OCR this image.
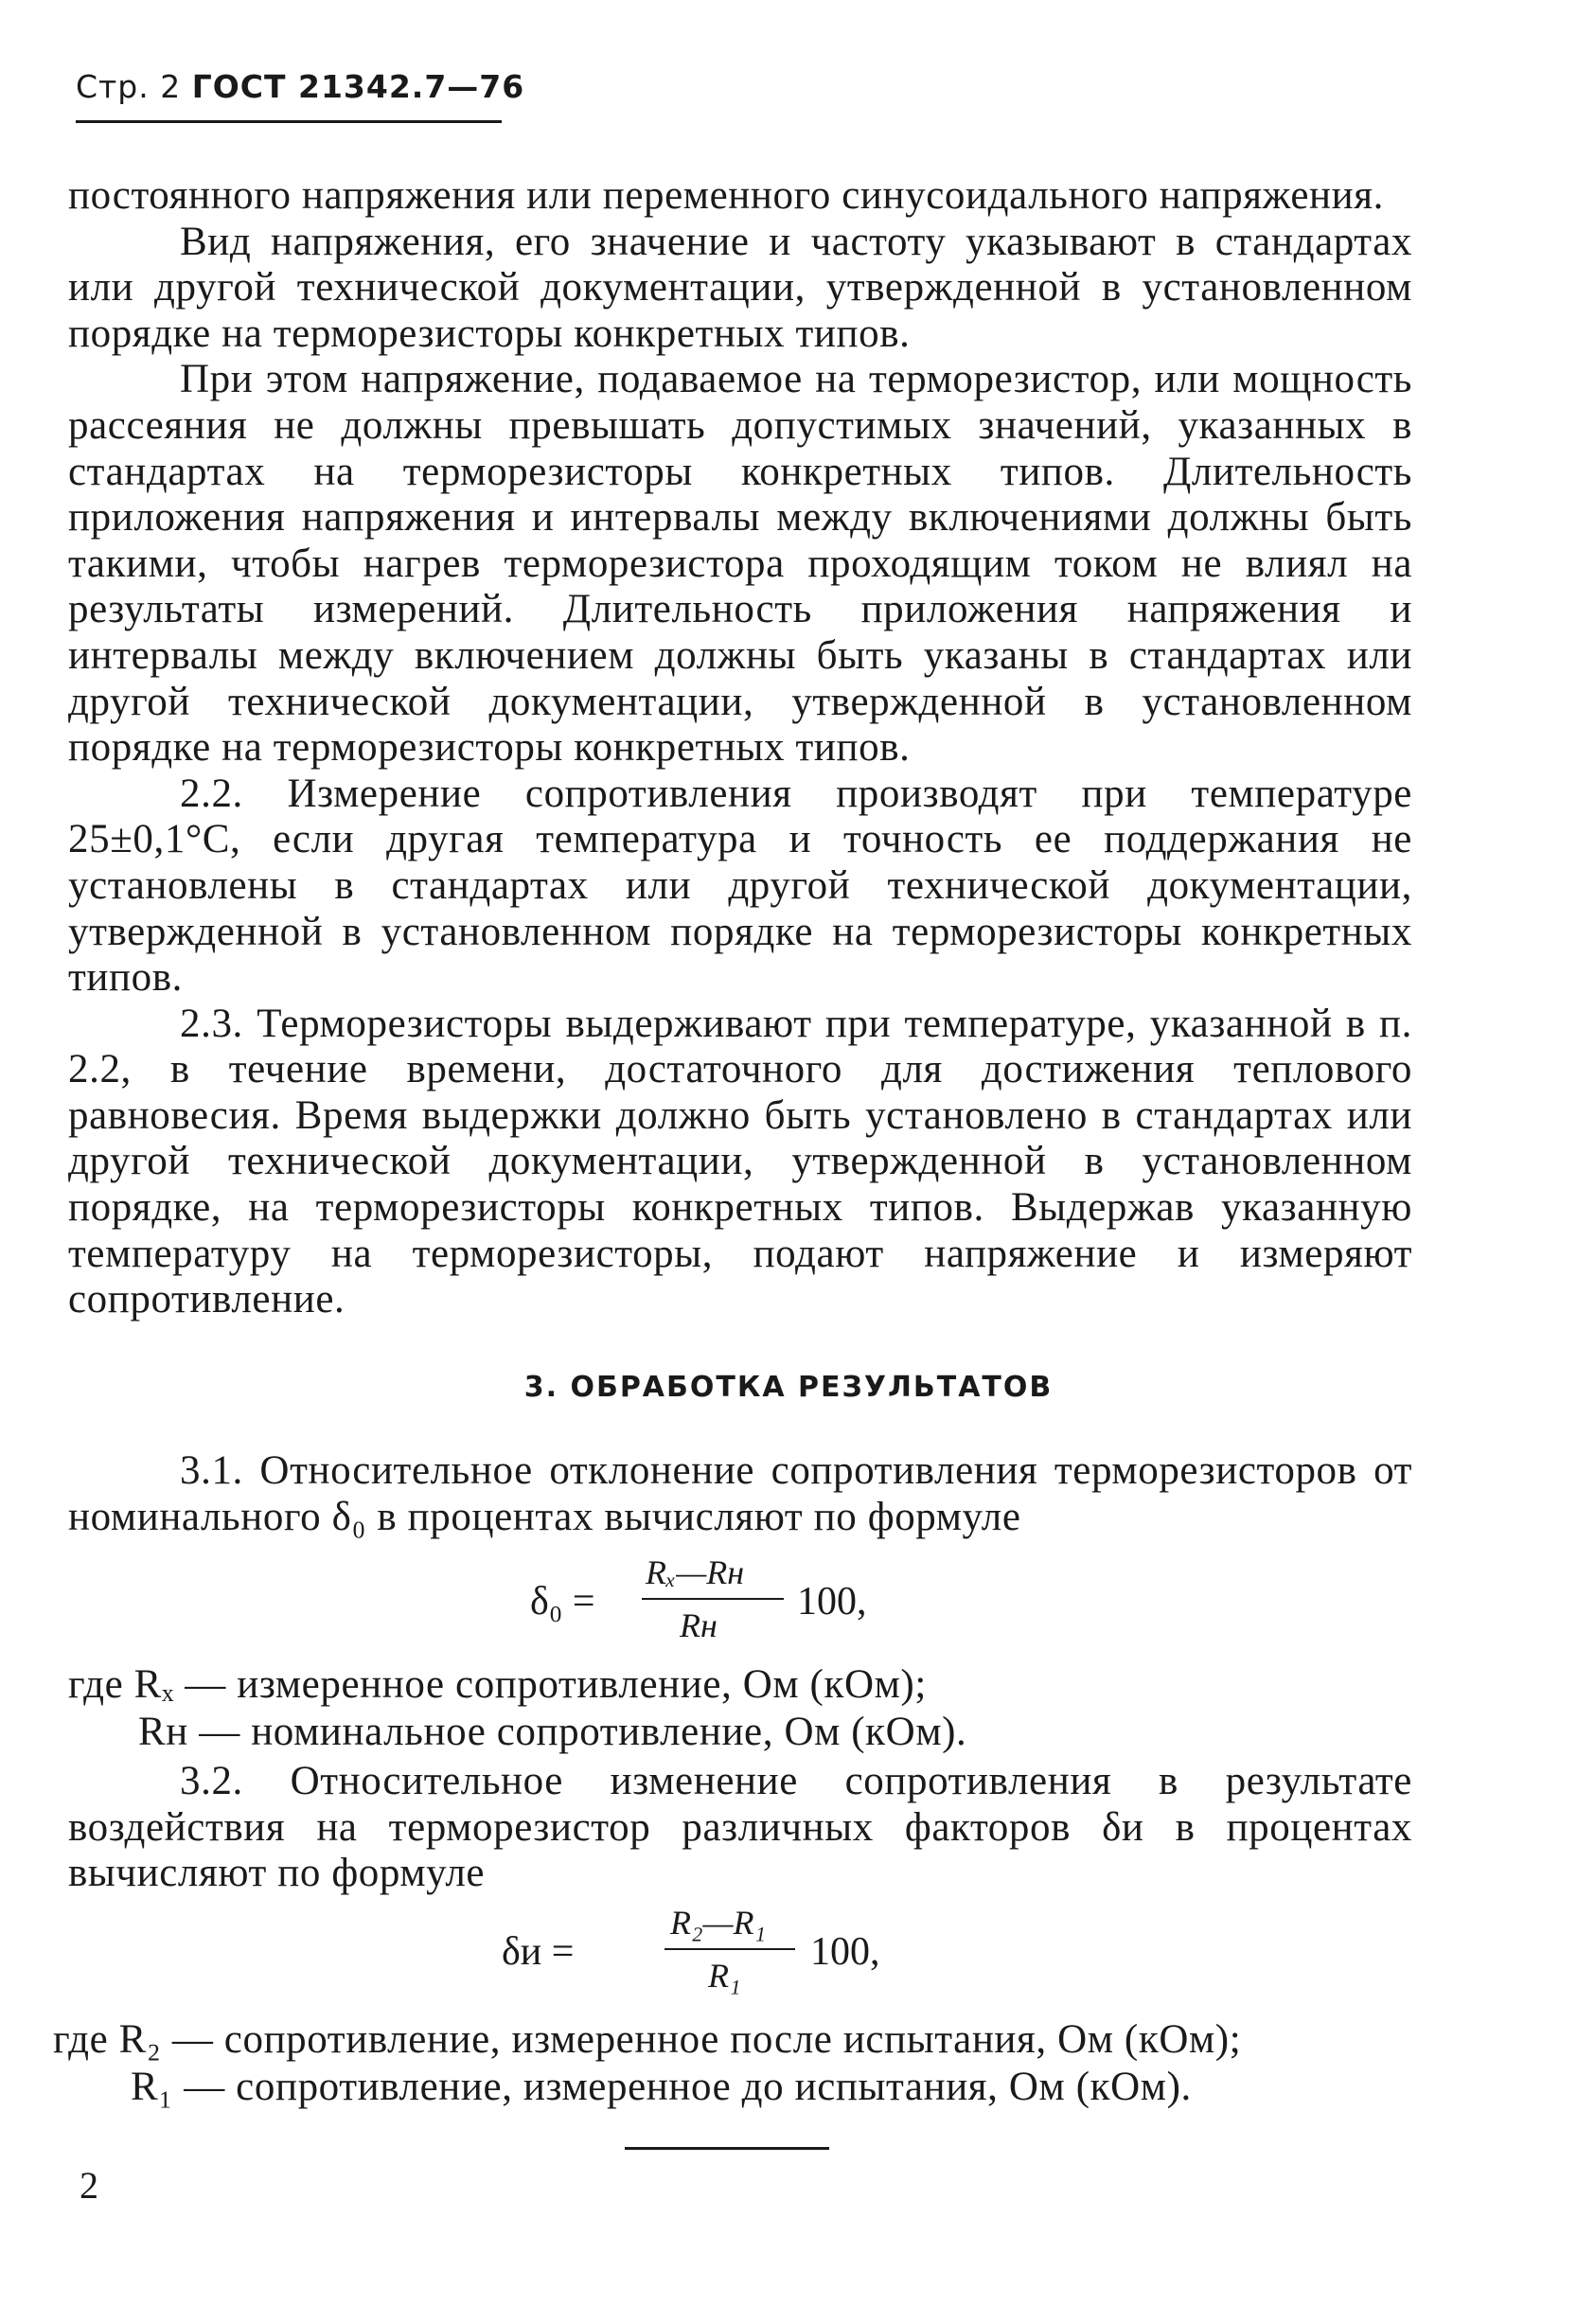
Стр. 2 ГОСТ 21342.7—76

постоянного напряжения или переменного синусоидального напряжения.

Вид напряжения, его значение и частоту указывают в стандартах или другой технической документации, утвержденной в установленном порядке на терморезисторы конкретных типов.

При этом напряжение, подаваемое на терморезистор, или мощность рассеяния не должны превышать допустимых значений, указанных в стандартах на терморезисторы конкретных типов. Длительность приложения напряжения и интервалы между включениями должны быть такими, чтобы нагрев терморезистора проходящим током не влиял на результаты измерений. Длительность приложения напряжения и интервалы между включением должны быть указаны в стандартах или другой технической документации, утвержденной в установленном порядке на терморезисторы конкретных типов.

2.2. Измерение сопротивления производят при температуре 25±0,1°С, если другая температура и точность ее поддержания не установлены в стандартах или другой технической документации, утвержденной в установленном порядке на терморезисторы конкретных типов.

2.3. Терморезисторы выдерживают при температуре, указанной в п. 2.2, в течение времени, достаточного для достижения теплового равновесия. Время выдержки должно быть установлено в стандартах или другой технической документации, утвержденной в установленном порядке, на терморезисторы конкретных типов. Выдержав указанную температуру на терморезисторы, подают напряжение и измеряют сопротивление.

3. ОБРАБОТКА РЕЗУЛЬТАТОВ

3.1. Относительное отклонение сопротивления терморезисторов от номинального δ₀ в процентах вычисляют по формуле

δ₀ =
Rₓ—Rн
Rн
100,
где Rₓ — измеренное сопротивление, Ом (кОм);
Rн — номинальное сопротивление, Ом (кОм).

3.2. Относительное изменение сопротивления в результате воздействия на терморезистор различных факторов δи в процентах вычисляют по формуле

δи =
R₂—R₁
R₁
100,
где R₂ — сопротивление, измеренное после испытания, Ом (кОм);
R₁ — сопротивление, измеренное до испытания, Ом (кОм).
2
